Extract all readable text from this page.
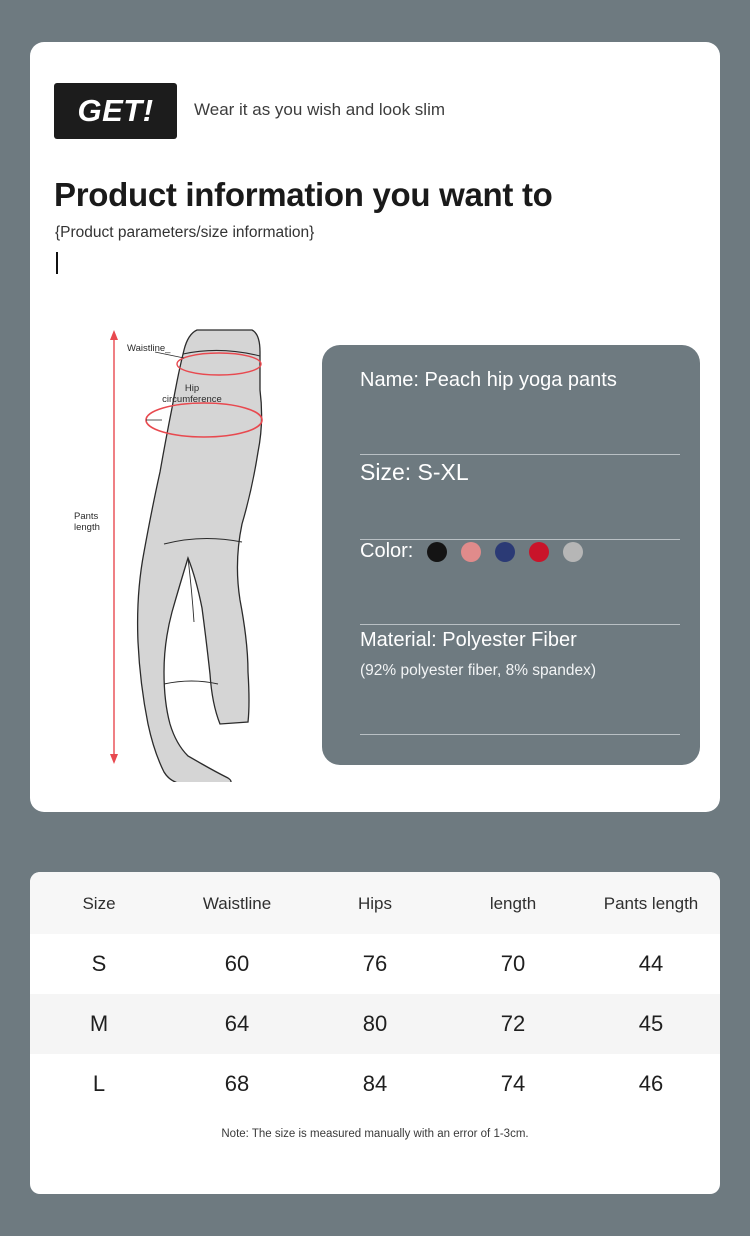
GET! Wear it as you wish and look slim
Product information you want to
{Product parameters/size information}
Waistline_
Hip circumference
Pants length
Name: Peach hip yoga pants
Size: S-XL
Color:
Material: Polyester Fiber
(92% polyester fiber, 8% spandex)
Size	Waistline	Hips	length	Pants length
S	60	76	70	44
M	64	80	72	45
L	68	84	74	46
Note: The size is measured manually with an error of 1-3cm.
